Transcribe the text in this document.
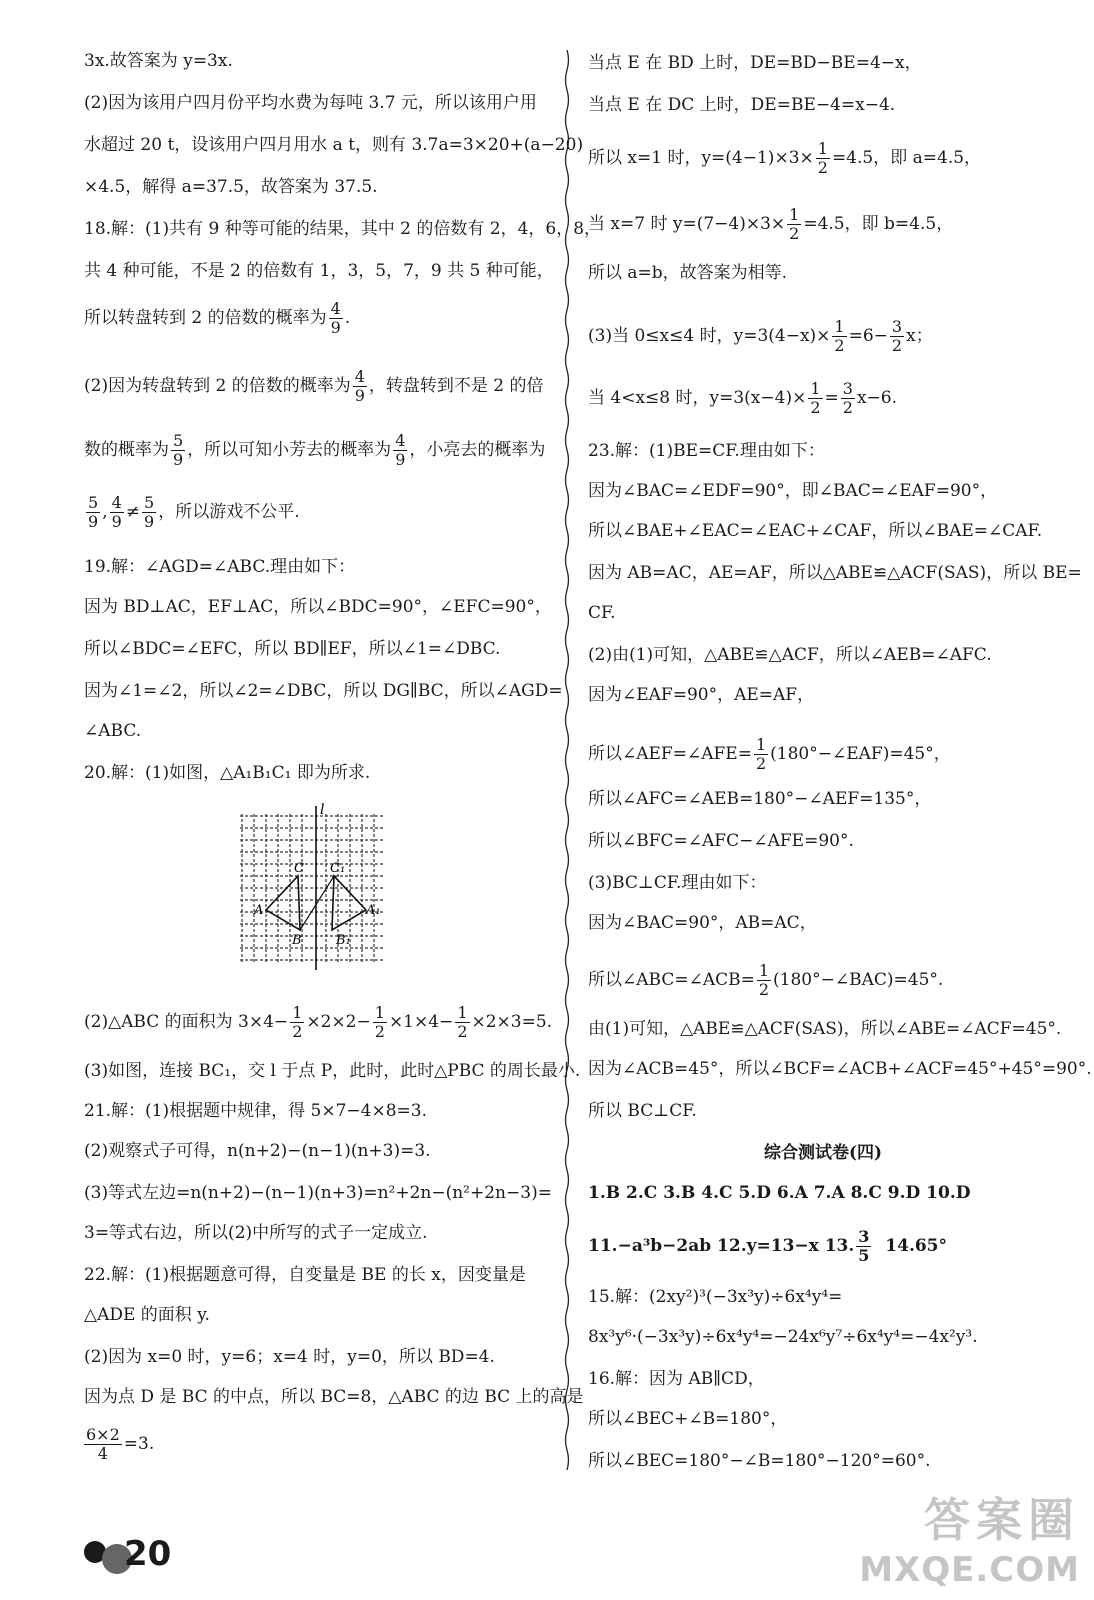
3x.故答案为 y=3x.
(2)因为该用户四月份平均水费为每吨 3.7 元，所以该用户用
水超过 20 t，设该用户四月用水 a t，则有 3.7a=3×20+(a−20)
×4.5，解得 a=37.5，故答案为 37.5.
18.解：(1)共有 9 种等可能的结果，其中 2 的倍数有 2，4，6，8，
共 4 种可能，不是 2 的倍数有 1，3，5，7，9 共 5 种可能，
所以转盘转到 2 的倍数的概率为 $\frac{4}{9}$ .
(2)因为转盘转到 2 的倍数的概率为 $\frac{4}{9}$ ，转盘转到不是 2 的倍
数的概率为 $\frac{5}{9}$ ，所以可知小芳去的概率为 $\frac{4}{9}$ ，小亮去的概率为
$\frac{5}{9}$ , $\frac{4}{9} \ne \frac{5}{9}$ ，所以游戏不公平.
19.解：∠AGD=∠ABC.理由如下：
因为 BD⊥AC，EF⊥AC，所以∠BDC=90°，∠EFC=90°，
所以∠BDC=∠EFC，所以 BD∥EF，所以∠1=∠DBC.
因为∠1=∠2，所以∠2=∠DBC，所以 DG∥BC，所以∠AGD=
∠ABC.
20.解：(1)如图，△A₁B₁C₁ 即为所求.
l
C C₁
A	A₁
B	B₁
(2)△ABC 的面积为 $3\times 4- \frac{1}{2} \times 2\times 2- \frac{1}{2} \times 1\times 4- \frac{1}{2} \times 2\times 3=5$.
(3)如图，连接 BC₁，交 l 于点 P，此时，此时△PBC 的周长最小.
21.解：(1)根据题中规律，得 5×7−4×8=3.
(2)观察式子可得，n(n+2)−(n−1)(n+3)=3.
(3)等式左边=n(n+2)−(n−1)(n+3)=n²+2n−(n²+2n−3)=
3=等式右边，所以(2)中所写的式子一定成立.
22.解：(1)根据题意可得，自变量是 BE 的长 x，因变量是
△ADE 的面积 y.
(2)因为 x=0 时，y=6；x=4 时，y=0，所以 BD=4.
因为点 D 是 BC 的中点，所以 BC=8，△ABC 的边 BC 上的高是
$\frac{6\times 2}{4} =3$.
当点 E 在 BD 上时，DE=BD−BE=4−x，
当点 E 在 DC 上时，DE=BE−4=x−4.
所以 x=1 时，$y=(4-1)\times 3\times \frac{1}{2} =4.5$，即 a=4.5，
当 x=7 时 $y=(7-4)\times 3\times \frac{1}{2} =4.5$，即 b=4.5，
所以 a=b，故答案为相等.
(3)当 0≤x≤4 时，$y=3(4-x)\times \frac{1}{2} =6- \frac{3}{2}$ x；
当 4<x≤8 时，$y=3(x-4)\times \frac{1}{2} = \frac{3}{2} x-6$.
23.解：(1)BE=CF.理由如下：
因为∠BAC=∠EDF=90°，即∠BAC=∠EAF=90°，
所以∠BAE+∠EAC=∠EAC+∠CAF，所以∠BAE=∠CAF.
因为 AB=AC，AE=AF，所以△ABE≌△ACF(SAS)，所以 BE=
CF.
(2)由(1)可知，△ABE≌△ACF，所以∠AEB=∠AFC.
因为∠EAF=90°，AE=AF，
所以∠AEF=∠AFE= $\frac{1}{2}$ (180°−∠EAF)=45°，
所以∠AFC=∠AEB=180°−∠AEF=135°，
所以∠BFC=∠AFC−∠AFE=90°.
(3)BC⊥CF.理由如下：
因为∠BAC=90°，AB=AC，
所以∠ABC=∠ACB= $\frac{1}{2}$ (180°−∠BAC)=45°.
由(1)可知，△ABE≌△ACF(SAS)，所以∠ABE=∠ACF=45°.
因为∠ACB=45°，所以∠BCF=∠ACB+∠ACF=45°+45°=90°.
所以 BC⊥CF.
综合测试卷(四)
1.B 2.C 3.B 4.C 5.D 6.A 7.A 8.C 9.D 10.D
11.−a³b−2ab 12.y=13−x 13. $\frac{3}{5} 14.65^\circ$
15.解：(2xy²)³(−3x³y)÷6x⁴y⁴=
8x³y⁶·(−3x³y)÷6x⁴y⁴=−24x⁶y⁷÷6x⁴y⁴=−4x²y³.
16.解：因为 AB∥CD，
所以∠BEC+∠B=180°，
所以∠BEC=180°−∠B=180°−120°=60°.
20
答案圈
MXQE.COM
